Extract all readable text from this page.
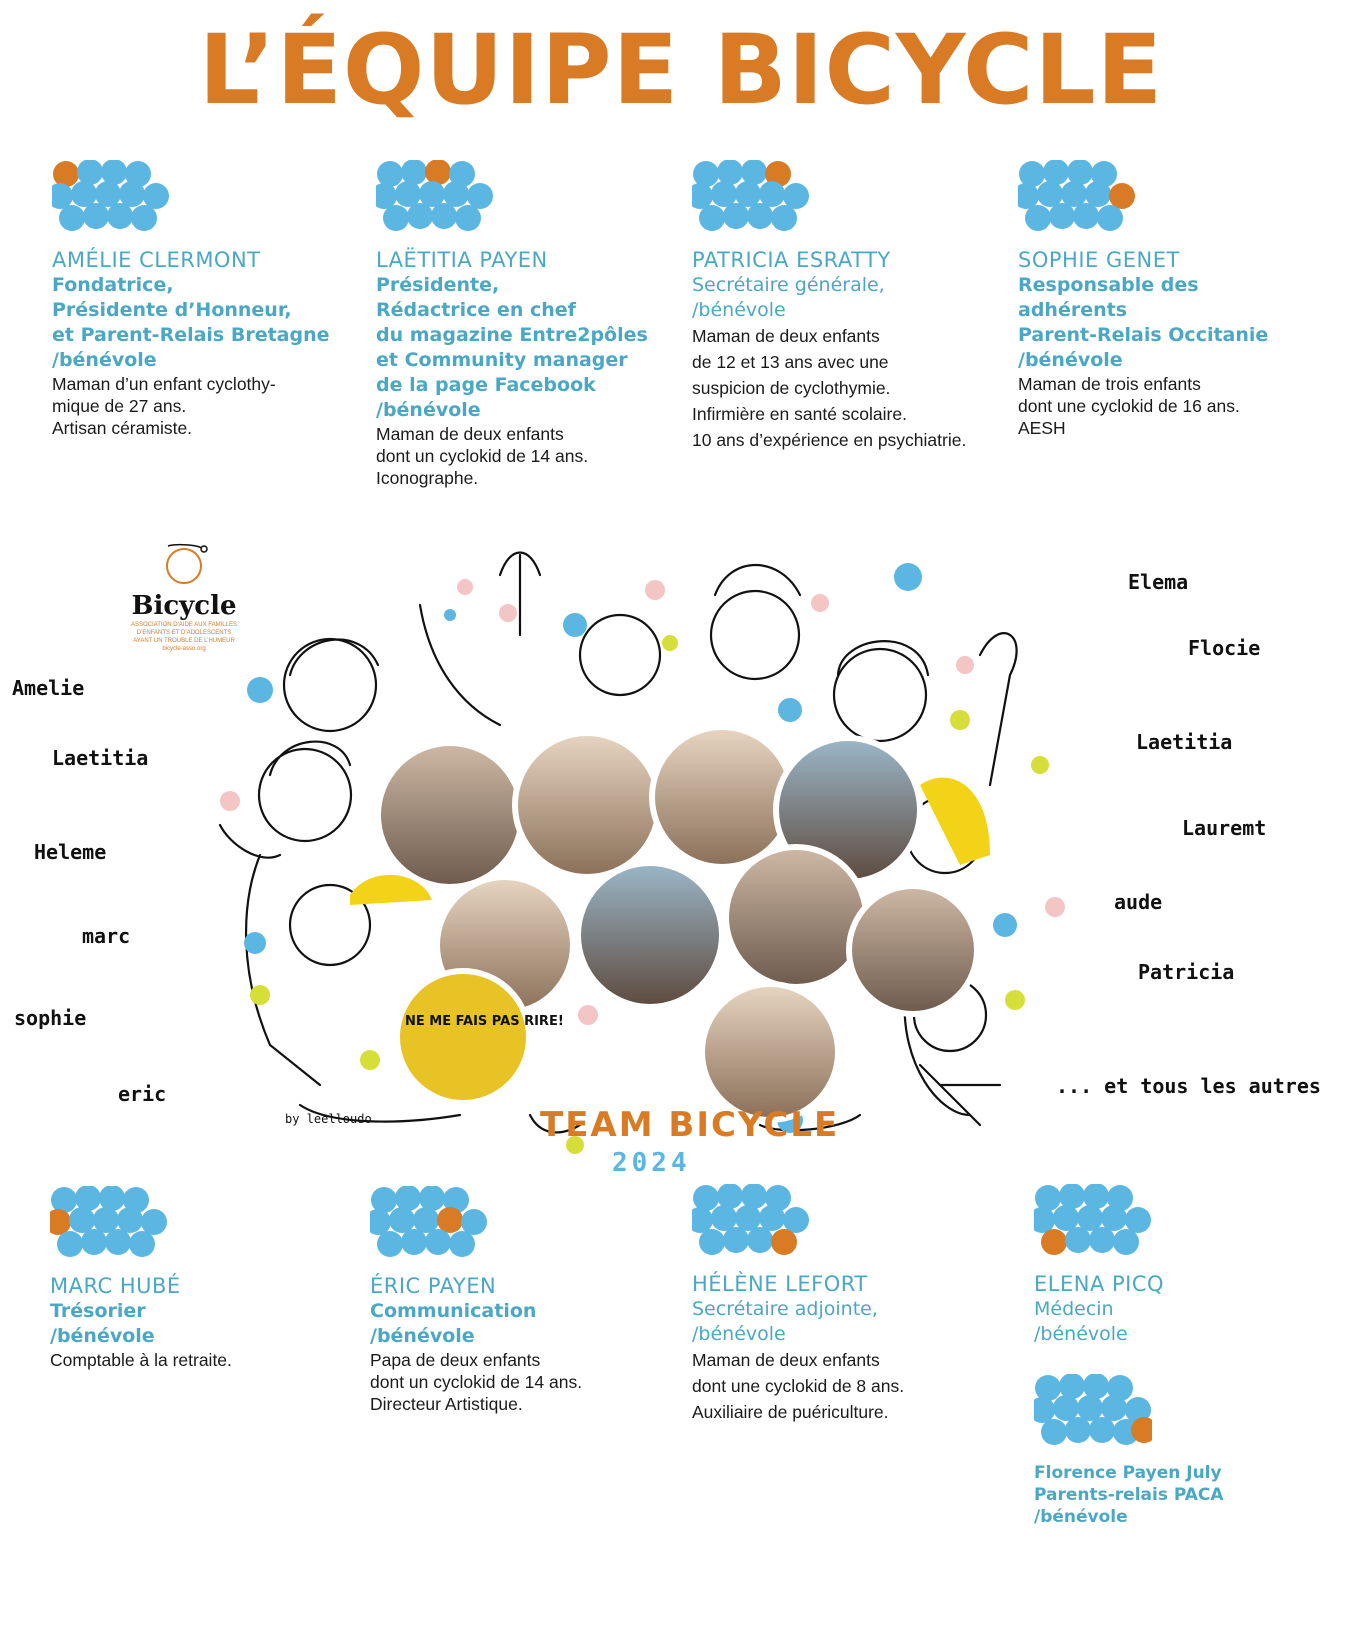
L’ÉQUIPE BICYCLE
AMÉLIE CLERMONT
Fondatrice,
Présidente d’Honneur,
et Parent-Relais Bretagne
/bénévole
Maman d’un enfant cyclothy-
mique de 27 ans.
Artisan céramiste.
LAËTITIA PAYEN
Présidente,
Rédactrice en chef
du magazine Entre2pôles
et Community manager
de la page Facebook
/bénévole
Maman de deux enfants
dont un cyclokid de 14 ans.
Iconographe.
PATRICIA ESRATTY
Secrétaire générale,
/bénévole
Maman de deux enfants
de 12 et 13 ans avec une
suspicion de cyclothymie.
Infirmière en santé scolaire.
10 ans d’expérience en psychiatrie.
SOPHIE GENET
Responsable des
adhérents
Parent-Relais Occitanie
/bénévole
Maman de trois enfants
dont une cyclokid de 16 ans.
AESH
Bicycle
ASSOCIATION D’AIDE AUX FAMILLES D’ENFANTS ET D’ADOLESCENTS AYANT UN TROUBLE DE L’HUMEUR
bicycle-asso.org
Amelie
Laetitia
Heleme
marc
sophie
eric
Elema
Flocie
Laetitia
Lauremt
aude
Patricia
... et tous les autres
NE ME FAIS PAS RIRE!
by leelloudo	TEAM BICYCLE
2024
MARC HUBÉ
Trésorier
/bénévole
Comptable à la retraite.
ÉRIC PAYEN
Communication
/bénévole
Papa de deux enfants
dont un cyclokid de 14 ans.
Directeur Artistique.
HÉLÈNE LEFORT
Secrétaire adjointe,
/bénévole
Maman de deux enfants
dont une cyclokid de 8 ans.
Auxiliaire de puériculture.
ELENA PICQ
Médecin
/bénévole
Florence Payen July
Parents-relais PACA
/bénévole
